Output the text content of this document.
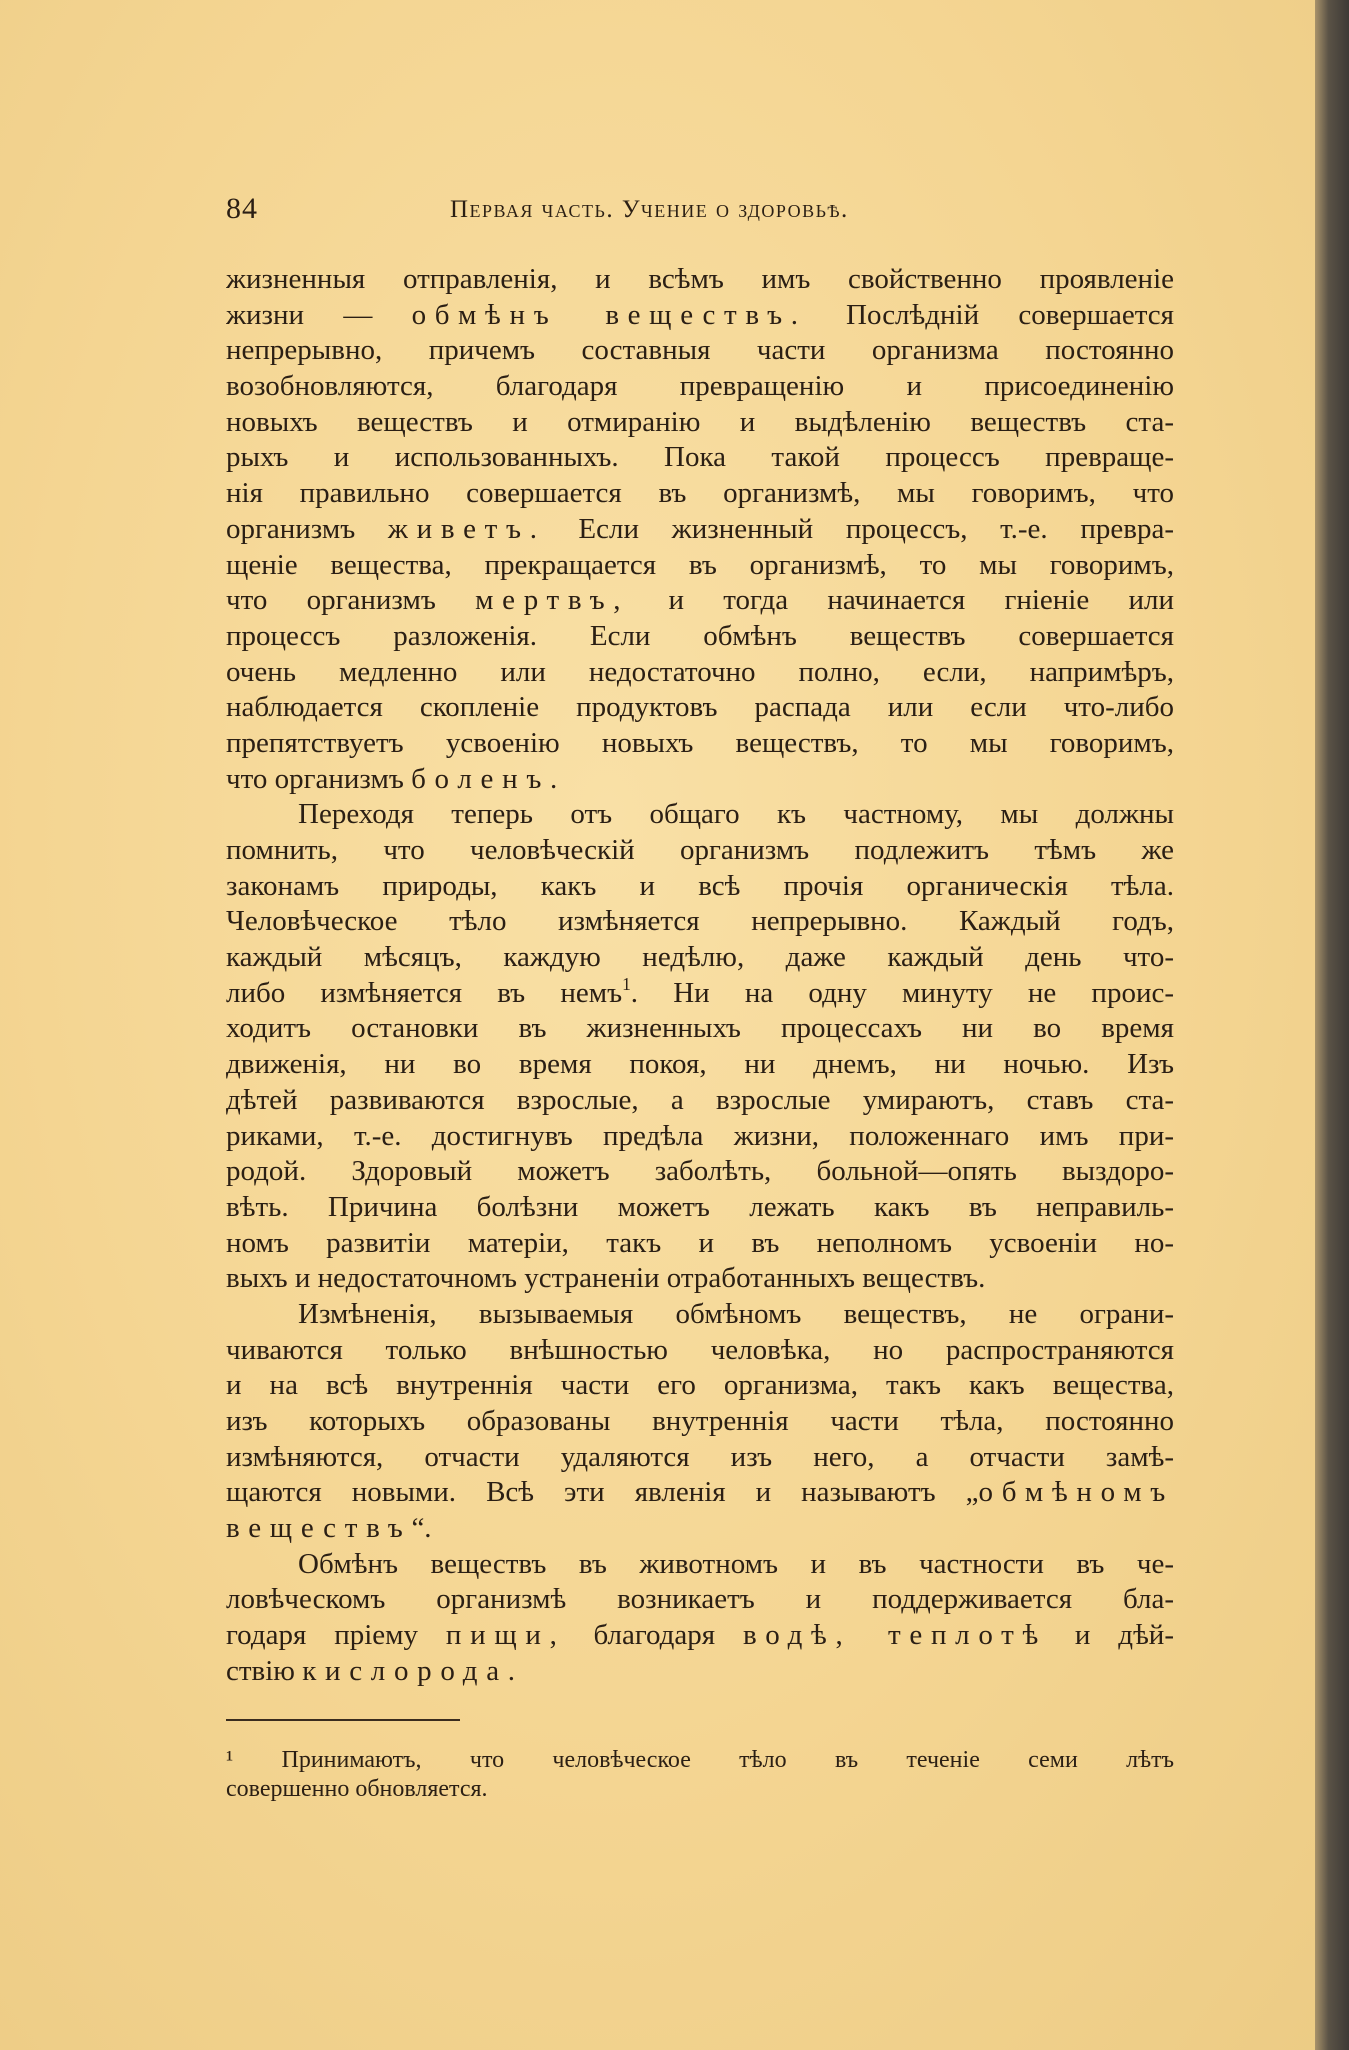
84	Первая часть. Учение о здоровьѣ.
жизненныя отправленія, и всѣмъ имъ свойственно проявленіе
жизни — обмѣнъ веществъ. Послѣдній совершается
непрерывно, причемъ составныя части организма постоянно
возобновляются, благодаря превращенію и присоединенію
новыхъ веществъ и отмиранію и выдѣленію веществъ ста-
рыхъ и использованныхъ. Пока такой процессъ превраще-
нія правильно совершается въ организмѣ, мы говоримъ, что
организмъ живетъ. Если жизненный процессъ, т.-е. превра-
щеніе вещества, прекращается въ организмѣ, то мы говоримъ,
что организмъ мертвъ, и тогда начинается гніеніе или
процессъ разложенія. Если обмѣнъ веществъ совершается
очень медленно или недостаточно полно, если, напримѣръ,
наблюдается скопленіе продуктовъ распада или если что-либо
препятствуетъ усвоенію новыхъ веществъ, то мы говоримъ,
что организмъ боленъ.
Переходя теперь отъ общаго къ частному, мы должны
помнить, что человѣческій организмъ подлежитъ тѣмъ же
законамъ природы, какъ и всѣ прочія органическія тѣла.
Человѣческое тѣло измѣняется непрерывно. Каждый годъ,
каждый мѣсяцъ, каждую недѣлю, даже каждый день что-
либо измѣняется въ немъ$^1$. Ни на одну минуту не проис-
ходитъ остановки въ жизненныхъ процессахъ ни во время
движенія, ни во время покоя, ни днемъ, ни ночью. Изъ
дѣтей развиваются взрослые, а взрослые умираютъ, ставъ ста-
риками, т.-е. достигнувъ предѣла жизни, положеннаго имъ при-
родой. Здоровый можетъ заболѣть, больной—опять выздоро-
вѣть. Причина болѣзни можетъ лежать какъ въ неправиль-
номъ развитіи матеріи, такъ и въ неполномъ усвоеніи но-
выхъ и недостаточномъ устраненіи отработанныхъ веществъ.
Измѣненія, вызываемыя обмѣномъ веществъ, не ограни-
чиваются только внѣшностью человѣка, но распространяются
и на всѣ внутреннія части его организма, такъ какъ вещества,
изъ которыхъ образованы внутреннія части тѣла, постоянно
измѣняются, отчасти удаляются изъ него, а отчасти замѣ-
щаются новыми. Всѣ эти явленія и называютъ „обмѣномъ
веществъ“.
Обмѣнъ веществъ въ животномъ и въ частности въ че-
ловѣческомъ организмѣ возникаетъ и поддерживается бла-
годаря пріему пищи, благодаря водѣ, теплотѣ и дѣй-
ствію кислорода.
¹ Принимаютъ, что человѣческое тѣло въ теченіе семи лѣтъ
совершенно обновляется.
